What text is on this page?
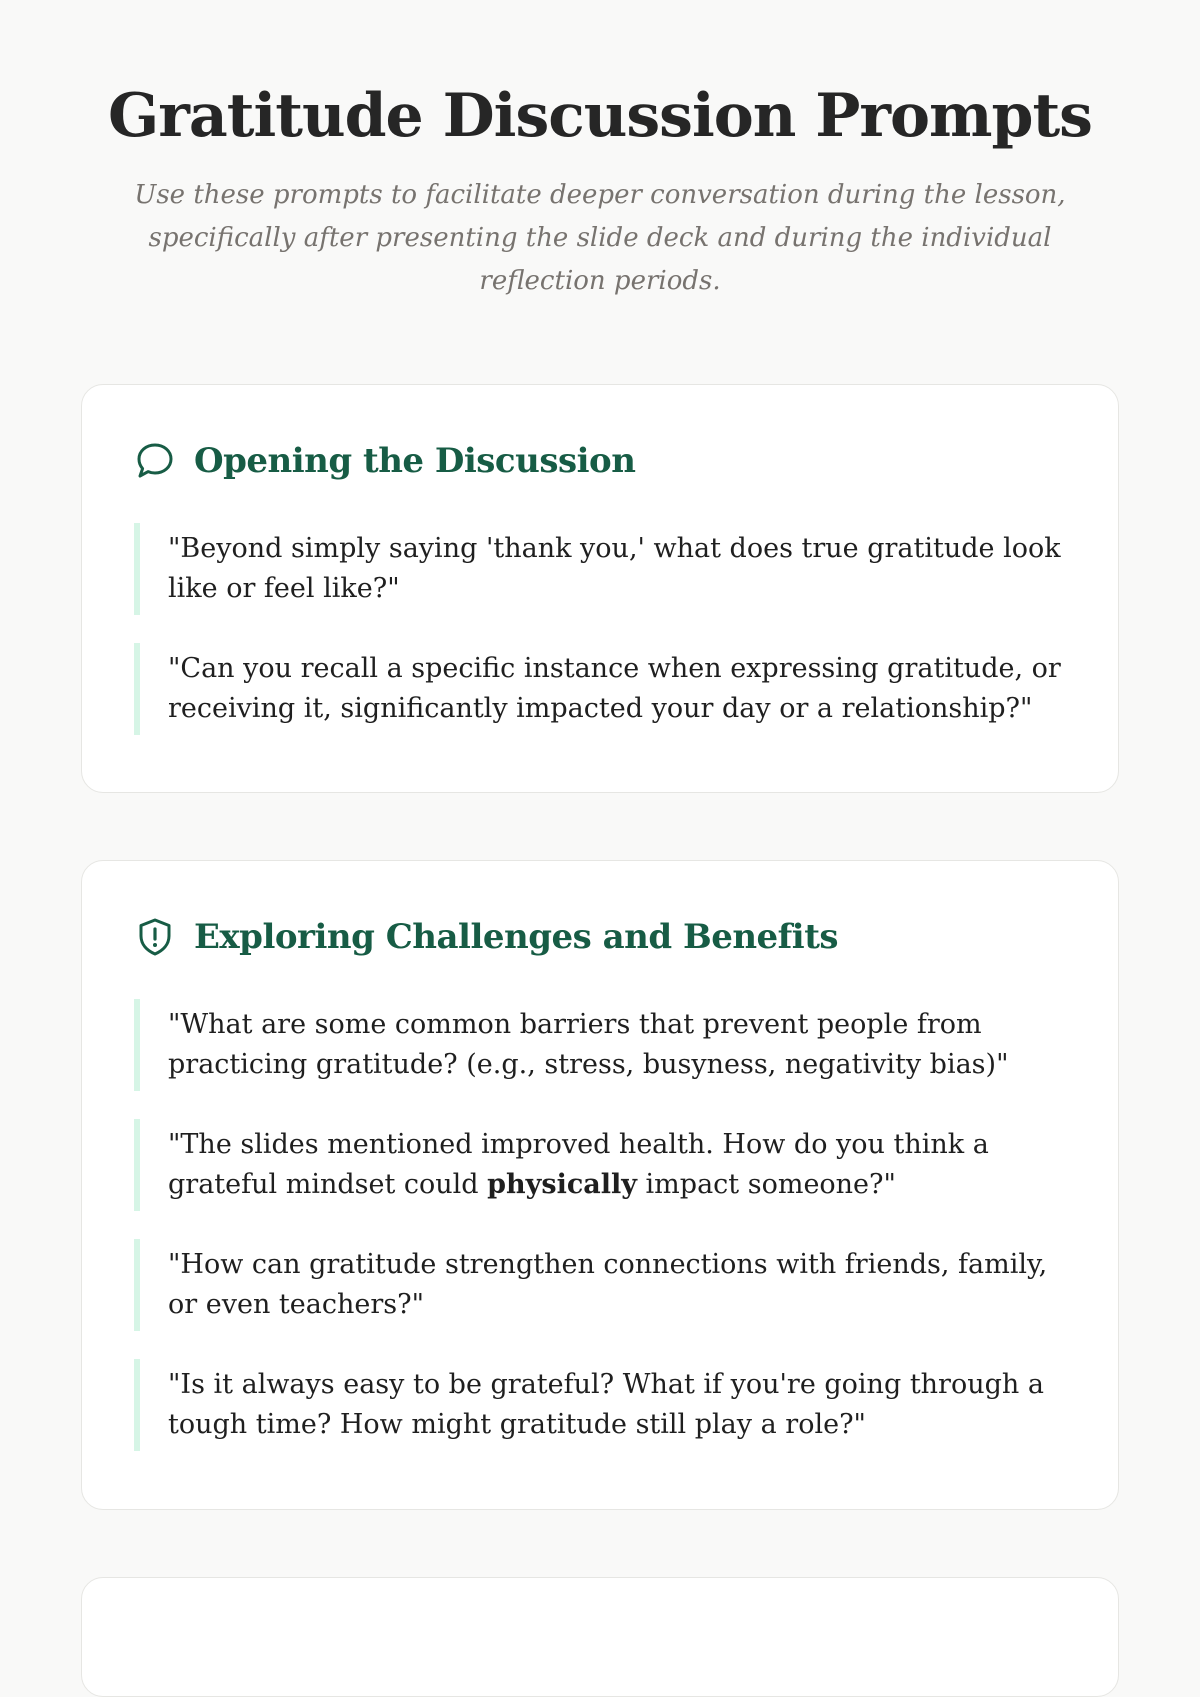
Gratitude Discussion Prompts

Use these prompts to facilitate deeper conversation during the lesson, specifically after presenting the slide deck and during the individual reflection periods.

Opening the Discussion
"Beyond simply saying 'thank you,' what does true gratitude look like or feel like?"
"Can you recall a specific instance when expressing gratitude, or receiving it, significantly impacted your day or a relationship?"
Exploring Challenges and Benefits
"What are some common barriers that prevent people from practicing gratitude? (e.g., stress, busyness, negativity bias)"
"The slides mentioned improved health. How do you think a grateful mindset could physically impact someone?"
"How can gratitude strengthen connections with friends, family, or even teachers?"
"Is it always easy to be grateful? What if you're going through a tough time? How might gratitude still play a role?"
